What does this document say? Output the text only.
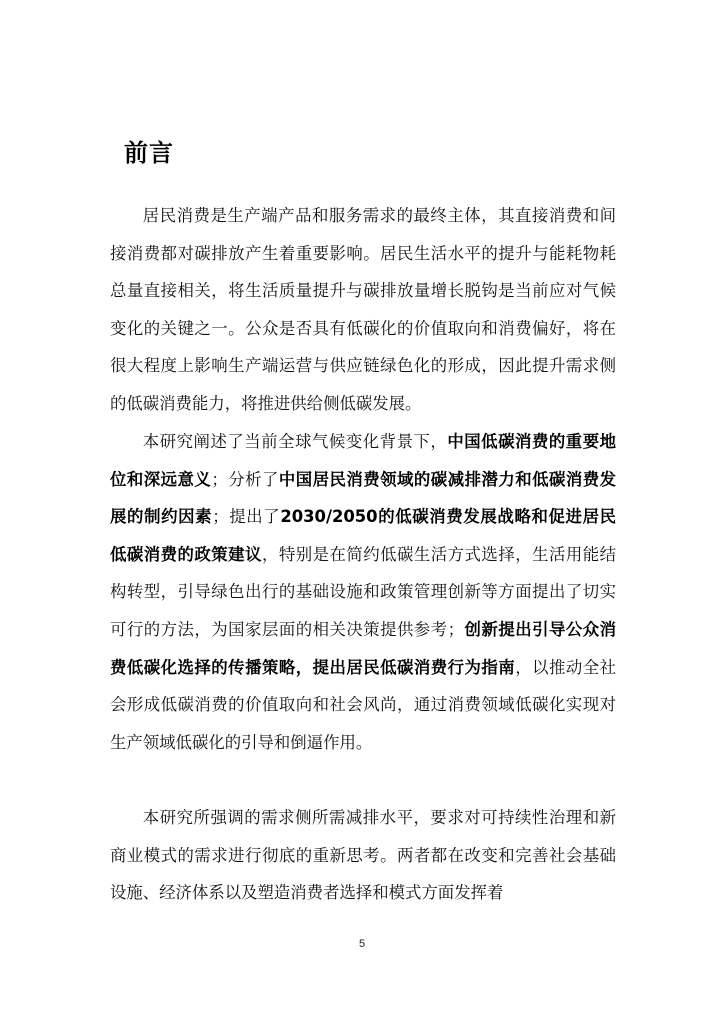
前言

居民消费是生产端产品和服务需求的最终主体，其直接消费和间接消费都对碳排放产生着重要影响。居民生活水平的提升与能耗物耗总量直接相关，将生活质量提升与碳排放量增长脱钩是当前应对气候变化的关键之一。公众是否具有低碳化的价值取向和消费偏好，将在很大程度上影响生产端运营与供应链绿色化的形成，因此提升需求侧的低碳消费能力，将推进供给侧低碳发展。

本研究阐述了当前全球气候变化背景下，中国低碳消费的重要地位和深远意义；分析了中国居民消费领域的碳减排潜力和低碳消费发展的制约因素；提出了2030/2050的低碳消费发展战略和促进居民低碳消费的政策建议，特别是在简约低碳生活方式选择，生活用能结构转型，引导绿色出行的基础设施和政策管理创新等方面提出了切实可行的方法，为国家层面的相关决策提供参考；创新提出引导公众消费低碳化选择的传播策略，提出居民低碳消费行为指南，以推动全社会形成低碳消费的价值取向和社会风尚，通过消费领域低碳化实现对生产领域低碳化的引导和倒逼作用。

本研究所强调的需求侧所需减排水平，要求对可持续性治理和新商业模式的需求进行彻底的重新思考。两者都在改变和完善社会基础设施、经济体系以及塑造消费者选择和模式方面发挥着

5
